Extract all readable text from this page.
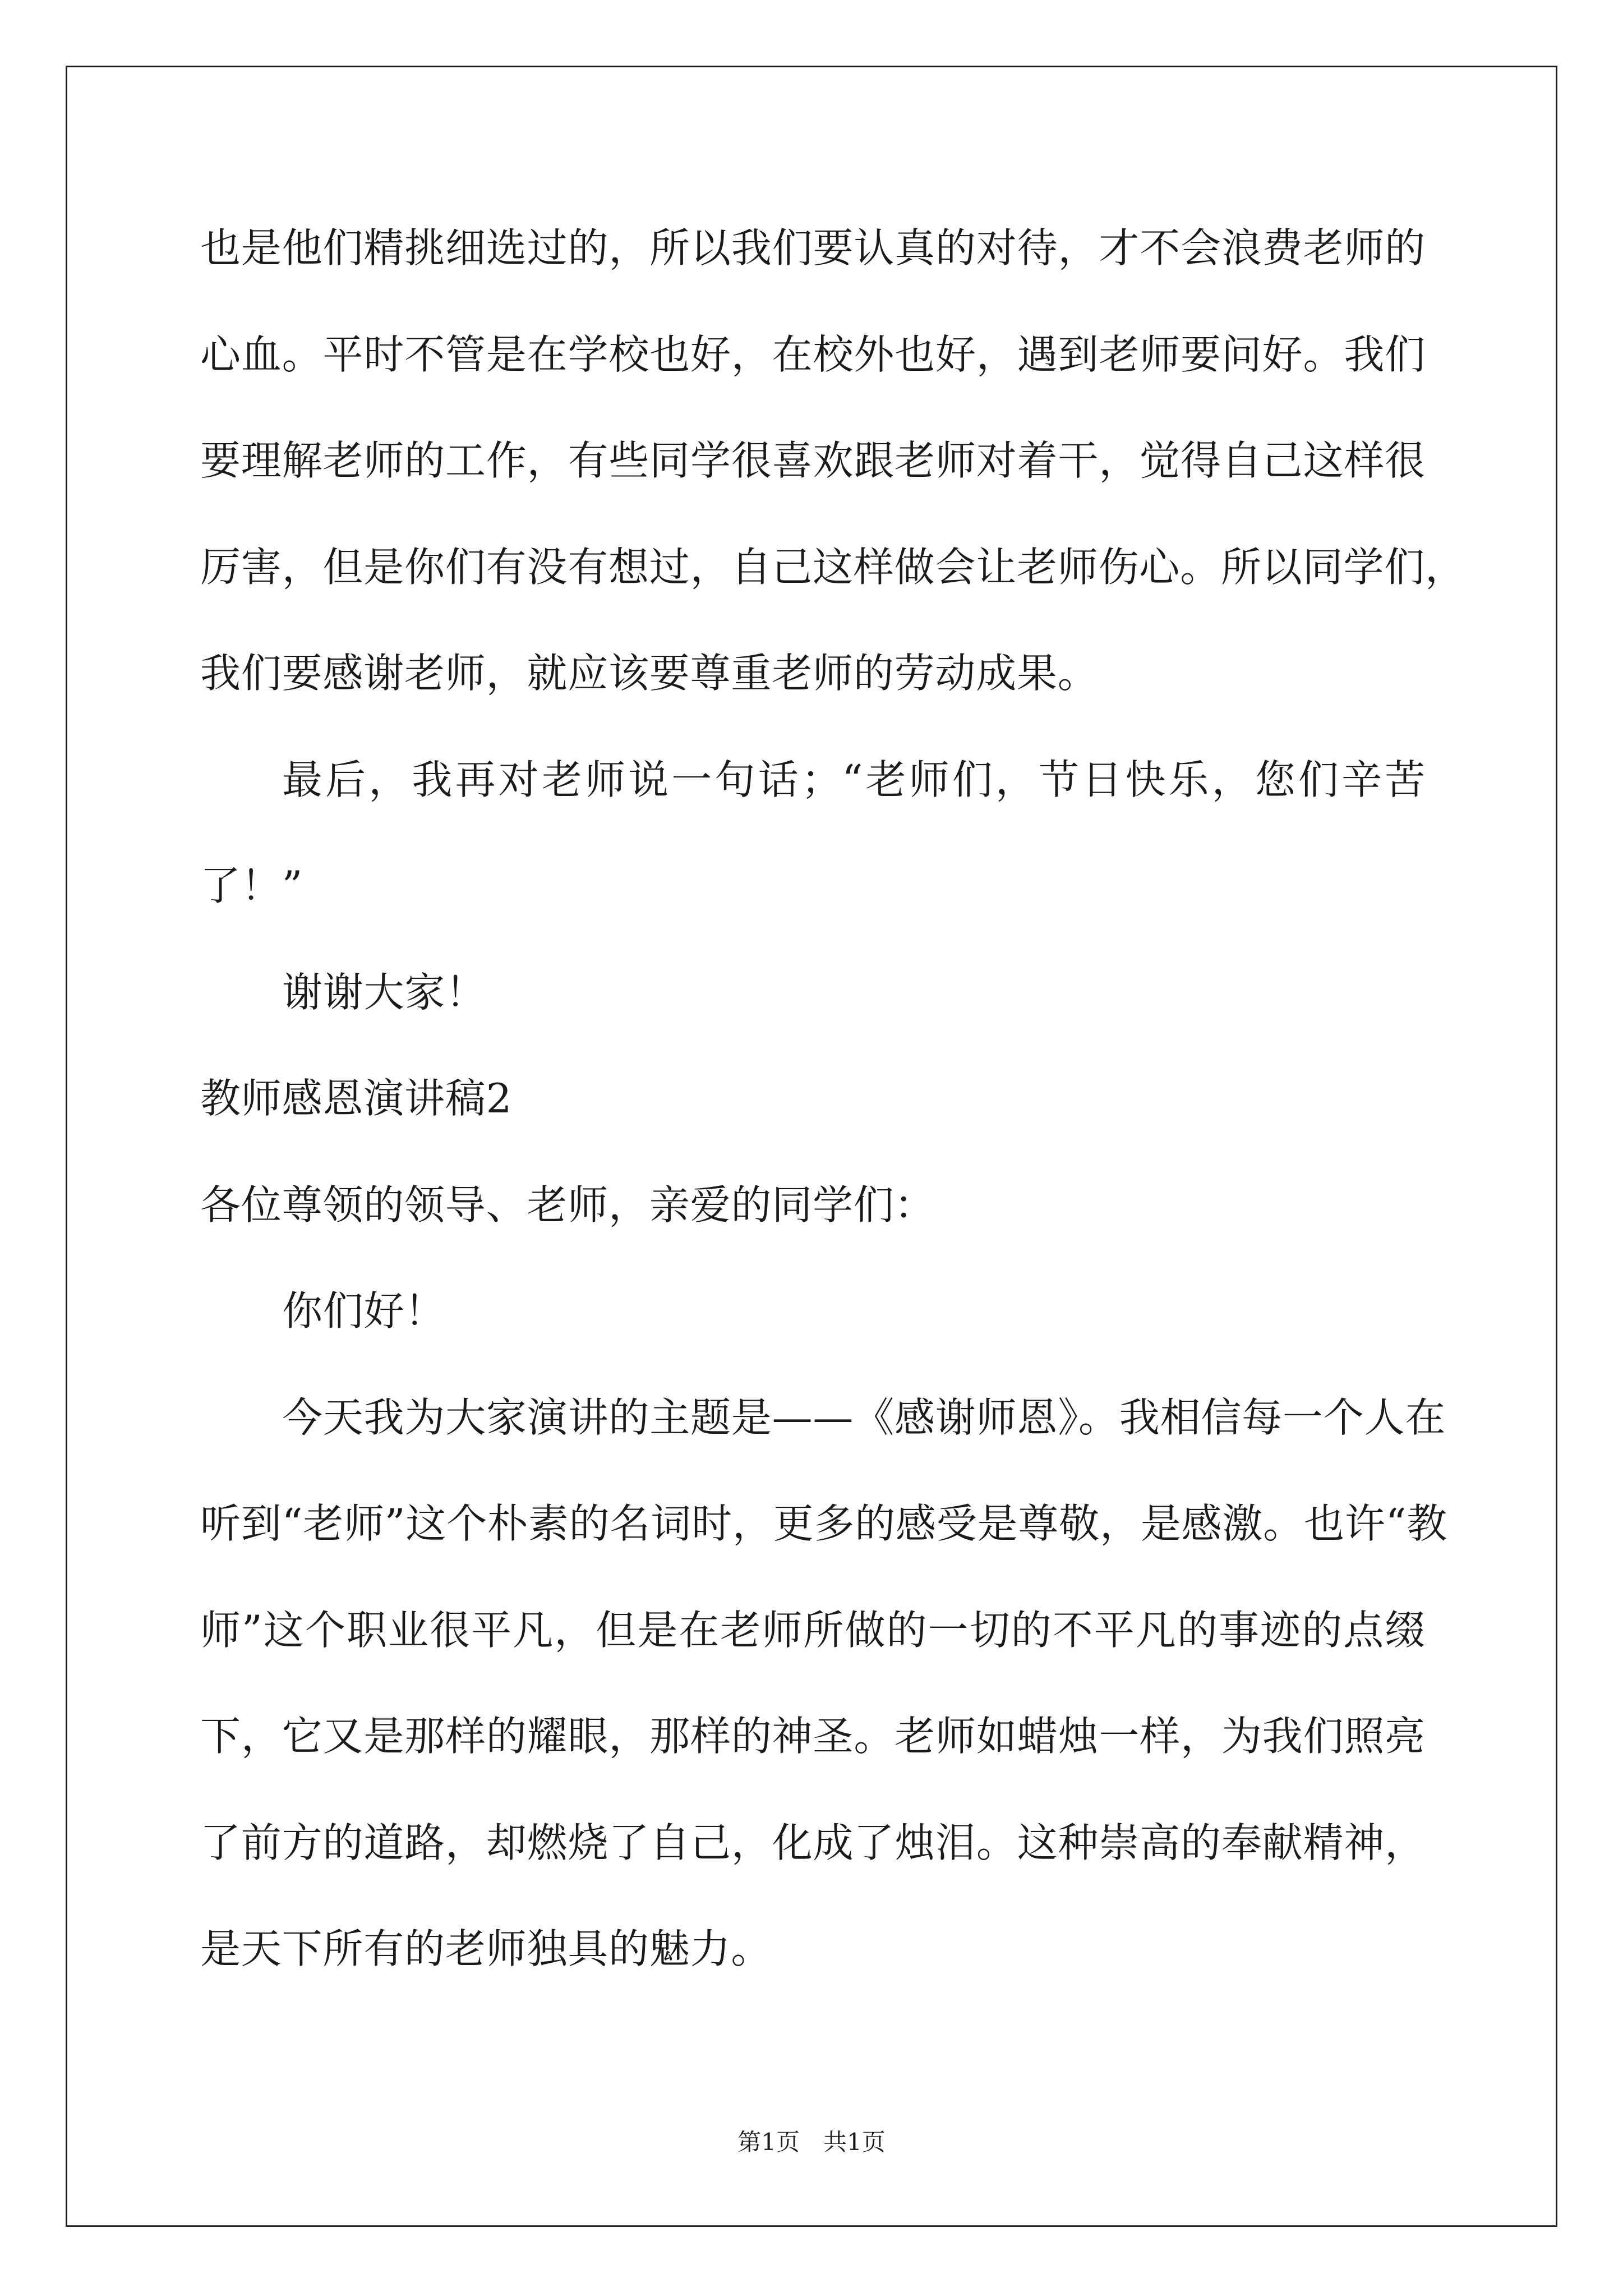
也是他们精挑细选过的，所以我们要认真的对待，才不会浪费老师的
心血。平时不管是在学校也好，在校外也好，遇到老师要问好。我们
要理解老师的工作，有些同学很喜欢跟老师对着干，觉得自己这样很
厉害，但是你们有没有想过，自己这样做会让老师伤心。所以同学们，
我们要感谢老师，就应该要尊重老师的劳动成果。
最后，我再对老师说一句话；“老师们，节日快乐，您们辛苦
了！”
谢谢大家！
教师感恩演讲稿2
各位尊领的领导、老师，亲爱的同学们：
你们好！
今天我为大家演讲的主题是——《感谢师恩》。我相信每一个人在
听到“老师”这个朴素的名词时，更多的感受是尊敬，是感激。也许“教
师”这个职业很平凡，但是在老师所做的一切的不平凡的事迹的点缀
下，它又是那样的耀眼，那样的神圣。老师如蜡烛一样，为我们照亮
了前方的道路，却燃烧了自己，化成了烛泪。这种崇高的奉献精神，
是天下所有的老师独具的魅力。
第1页 共1页
